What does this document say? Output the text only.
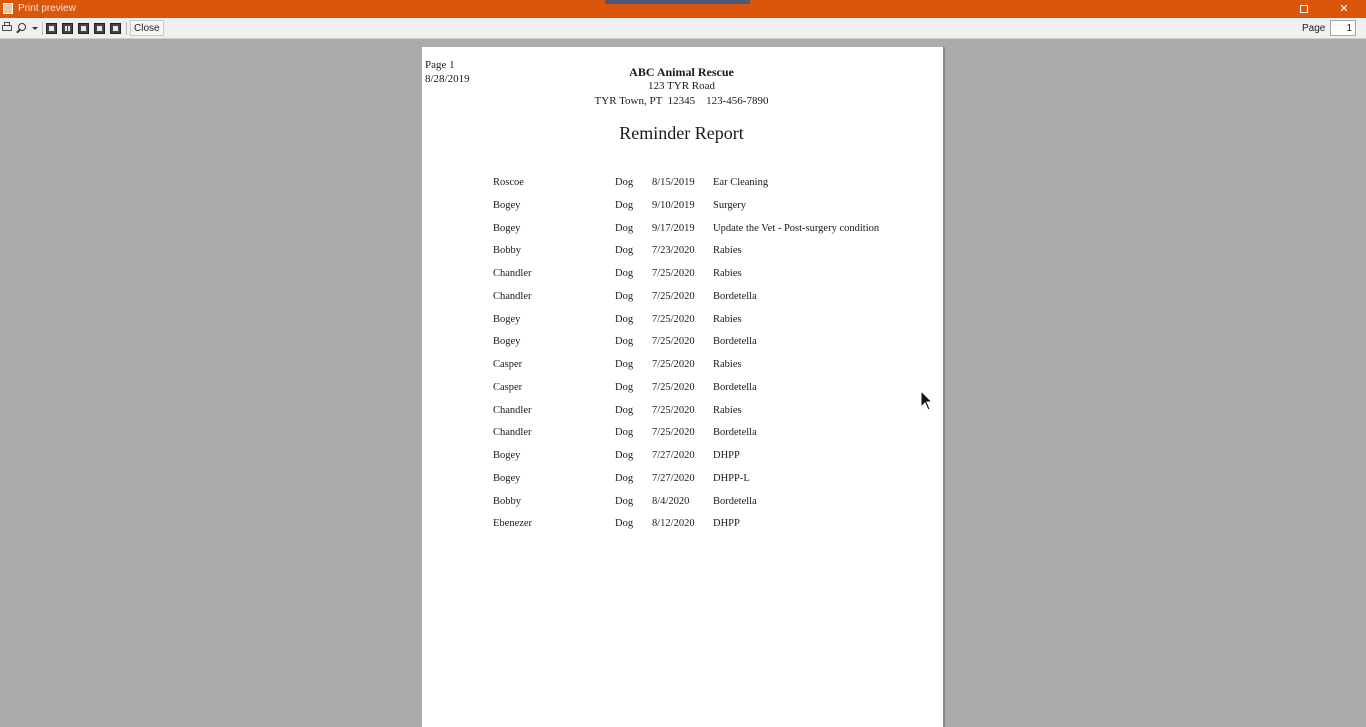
Print preview	✕
Close	Page
1
Page 1
8/28/2019	ABC Animal Rescue
123 TYR Road
TYR Town, PT  12345    123-456-7890
Reminder Report
Roscoe	Dog 8/15/2019 Ear Cleaning
Bogey	Dog 9/10/2019 Surgery
Bogey	Dog 9/17/2019 Update the Vet - Post-surgery condition
Bobby	Dog 7/23/2020 Rabies
Chandler	Dog 7/25/2020 Rabies
Chandler	Dog 7/25/2020 Bordetella
Bogey	Dog 7/25/2020 Rabies
Bogey	Dog 7/25/2020 Bordetella
Casper	Dog 7/25/2020 Rabies
Casper	Dog 7/25/2020 Bordetella
Chandler	Dog 7/25/2020 Rabies
Chandler	Dog 7/25/2020 Bordetella
Bogey	Dog 7/27/2020 DHPP
Bogey	Dog 7/27/2020 DHPP-L
Bobby	Dog 8/4/2020 Bordetella
Ebenezer	Dog 8/12/2020 DHPP
